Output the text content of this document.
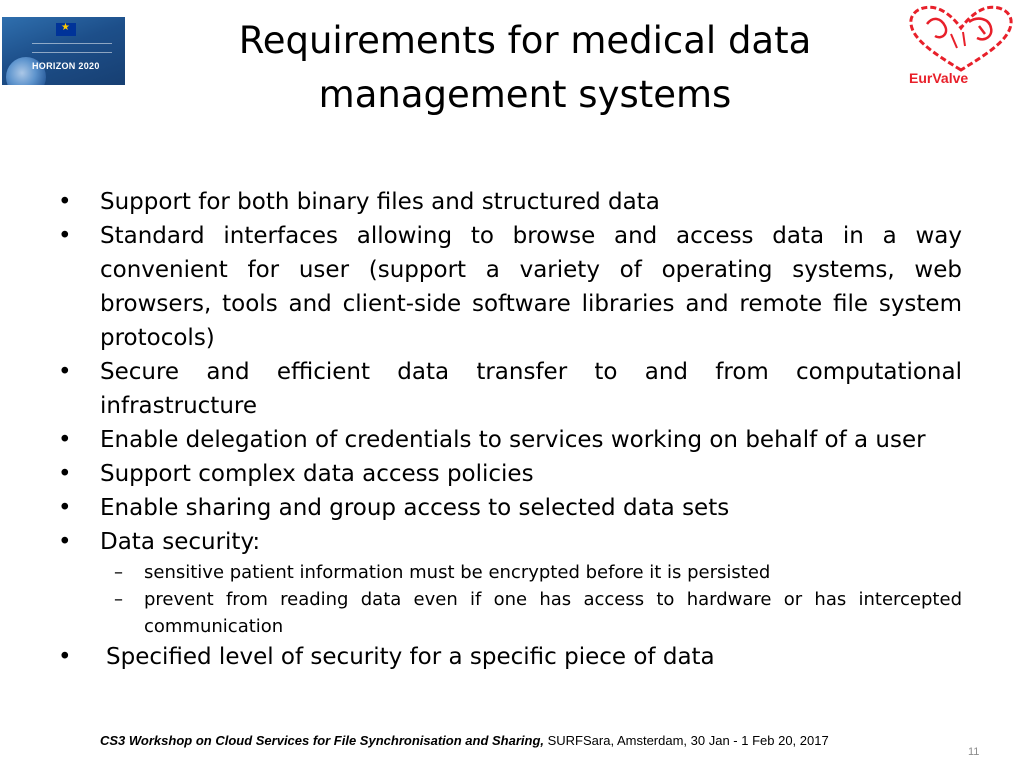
★
HORIZON 2020
EurValve
Requirements for medical data
management systems
• Support for both binary files and structured data
• Standard interfaces allowing to browse and access data in a way convenient for user (support a variety of operating systems, web browsers, tools and client-side software libraries and remote file system protocols)
• Secure and efficient data transfer to and from computational infrastructure
• Enable delegation of credentials to services working on behalf of a user
• Support complex data access policies
• Enable sharing and group access to selected data sets
• Data security:
– sensitive patient information must be encrypted before it is persisted
– prevent from reading data even if one has access to hardware or has intercepted communication
• Specified level of security for a specific piece of data
CS3 Workshop on Cloud Services for File Synchronisation and Sharing, SURFSara, Amsterdam, 30 Jan - 1 Feb 20, 2017
11
